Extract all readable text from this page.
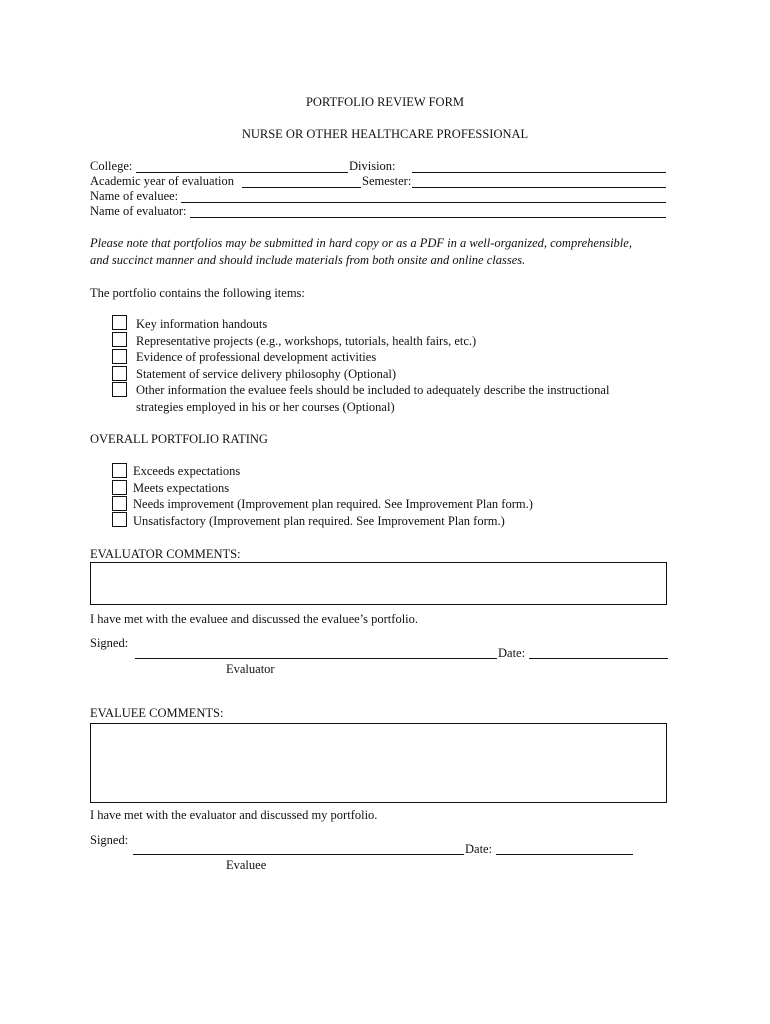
PORTFOLIO REVIEW FORM
NURSE OR OTHER HEALTHCARE PROFESSIONAL
College:	Division:
Academic year of evaluation	Semester:
Name of evaluee:
Name of evaluator:
Please note that portfolios may be submitted in hard copy or as a PDF in a well-organized, comprehensible,
and succinct manner and should include materials from both onsite and online classes.
The portfolio contains the following items:
Key information handouts
Representative projects (e.g., workshops, tutorials, health fairs, etc.)
Evidence of professional development activities
Statement of service delivery philosophy (Optional)
Other information the evaluee feels should be included to adequately describe the instructional
strategies employed in his or her courses (Optional)
OVERALL PORTFOLIO RATING
Exceeds expectations
Meets expectations
Needs improvement (Improvement plan required. See Improvement Plan form.)
Unsatisfactory (Improvement plan required. See Improvement Plan form.)
EVALUATOR COMMENTS:
I have met with the evaluee and discussed the evaluee’s portfolio.
Signed:
Date:
Evaluator
EVALUEE COMMENTS:
I have met with the evaluator and discussed my portfolio.
Signed:
Date:
Evaluee
